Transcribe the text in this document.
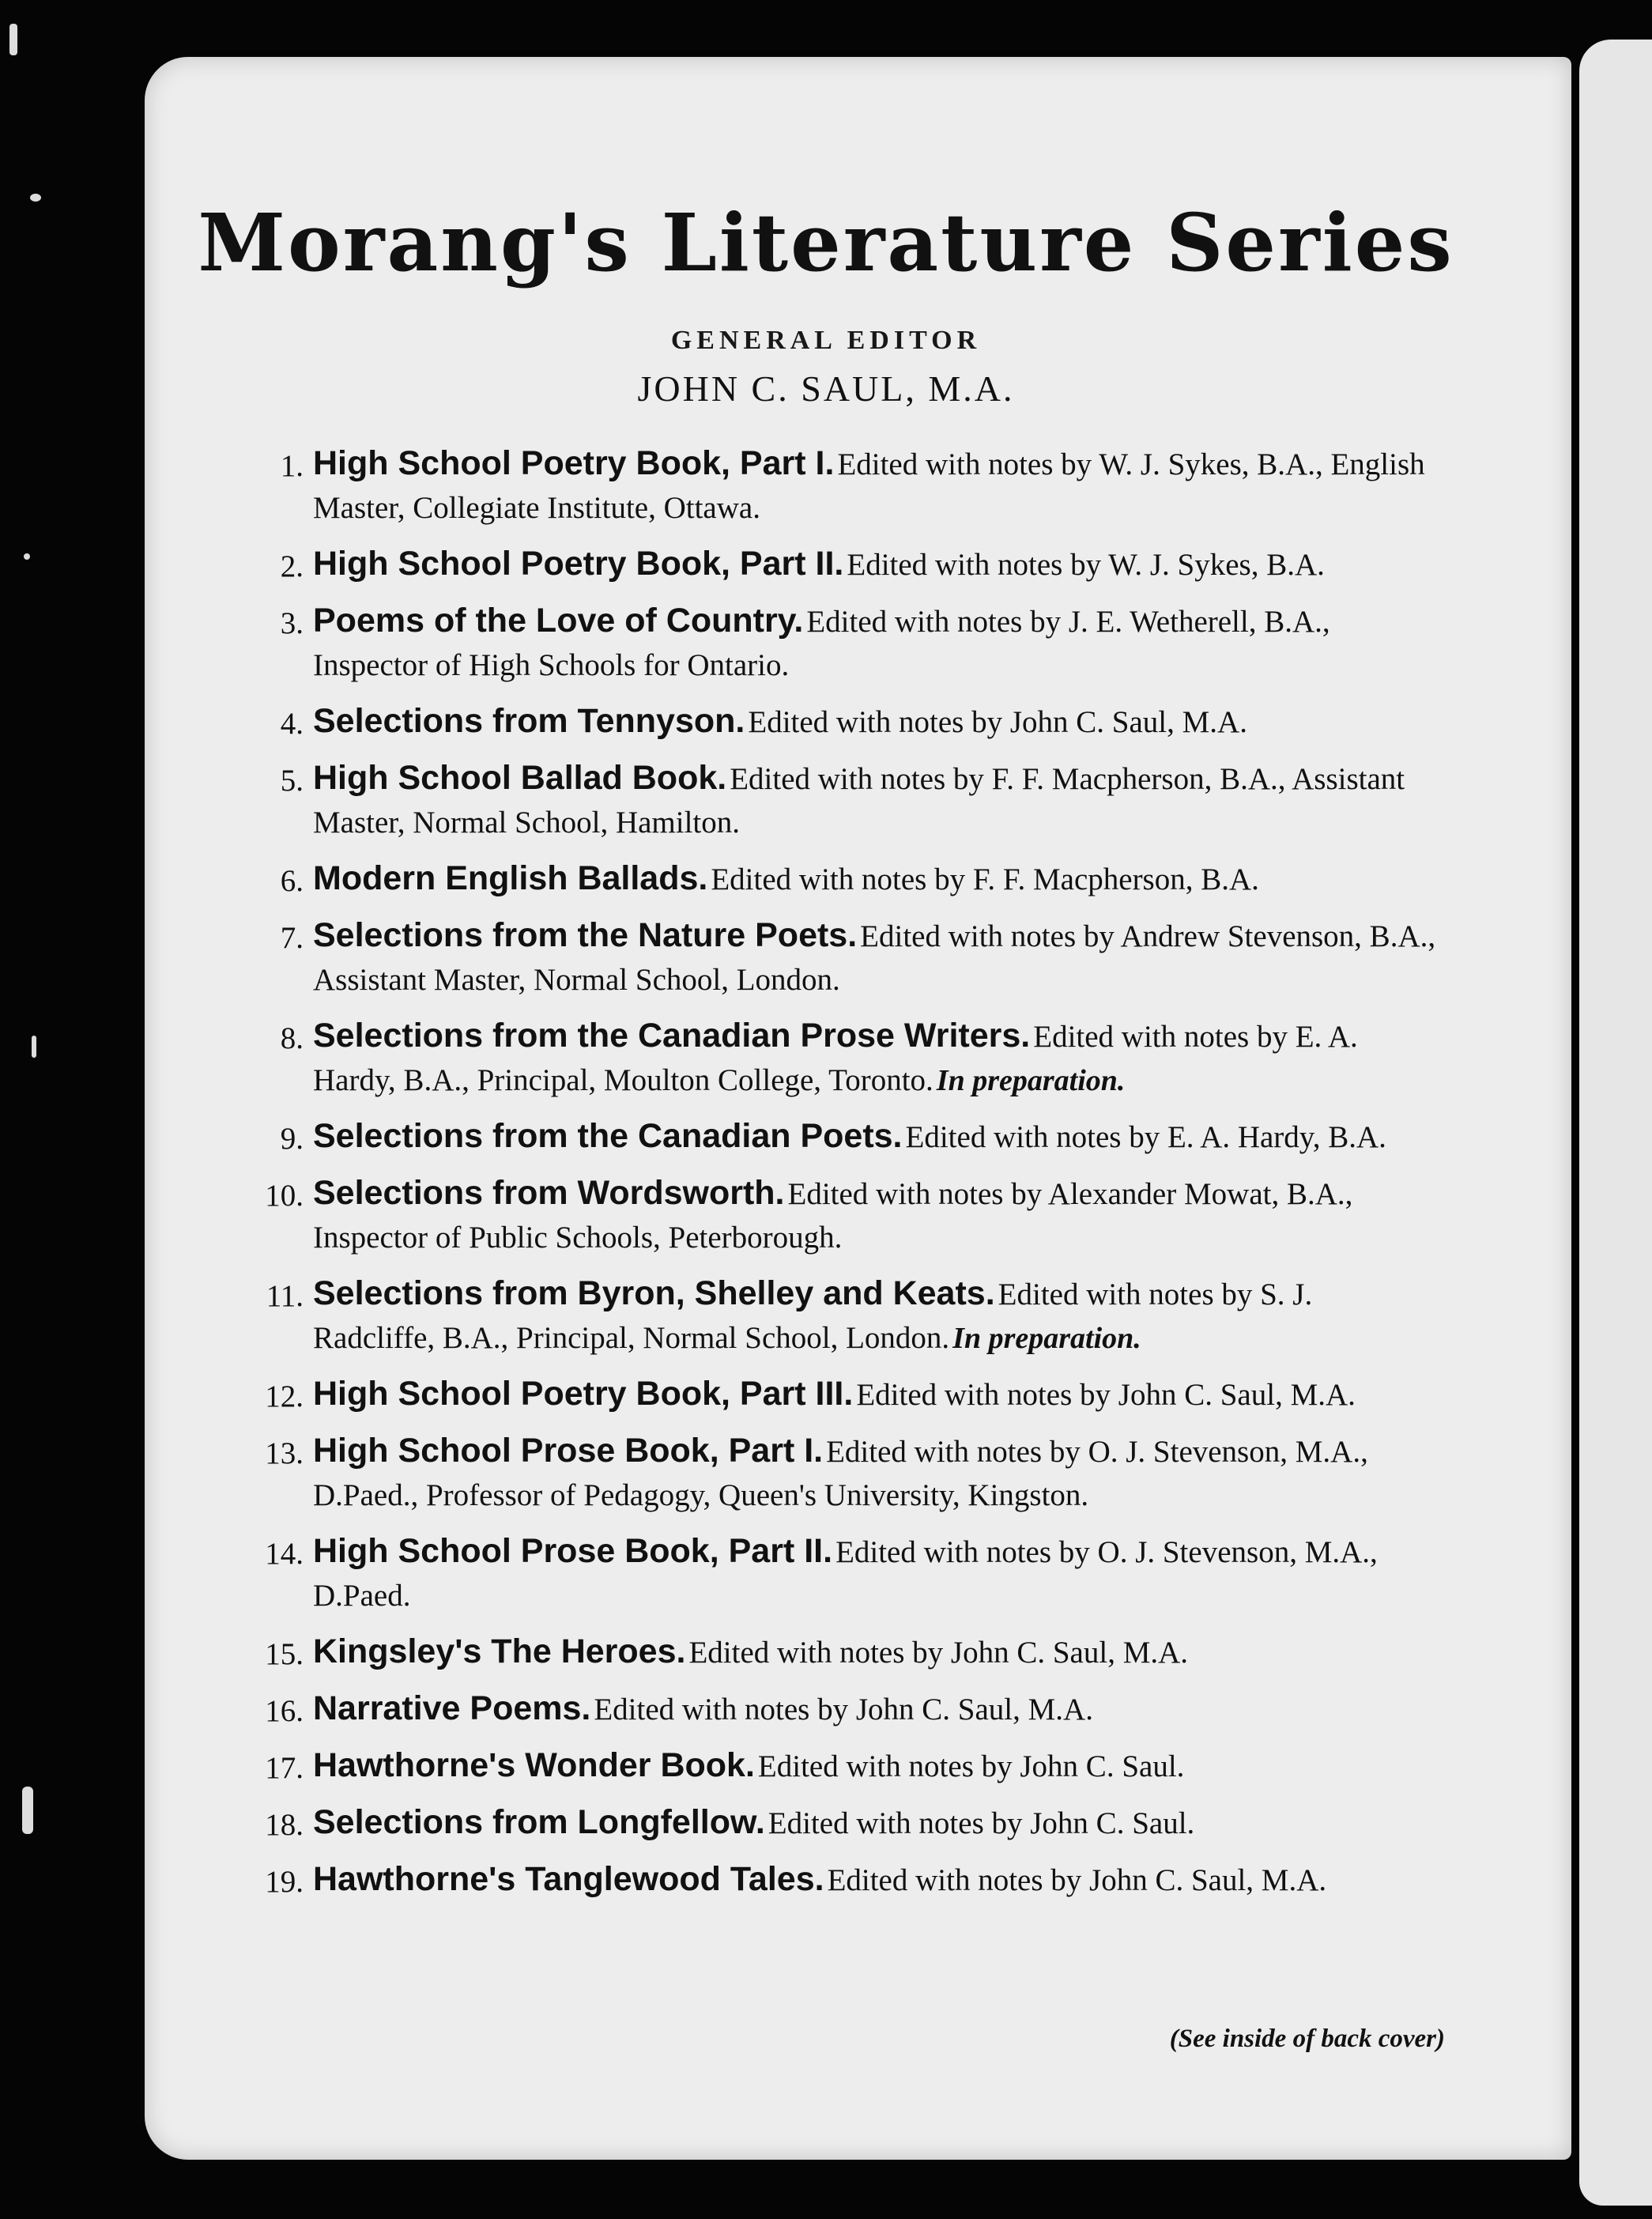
Morang's Literature Series
GENERAL EDITOR
JOHN C. SAUL, M.A.
1. High School Poetry Book, Part I. Edited with notes by W. J. Sykes, B.A., English Master, Collegiate Institute, Ottawa.
2. High School Poetry Book, Part II. Edited with notes by W. J. Sykes, B.A.
3. Poems of the Love of Country. Edited with notes by J. E. Wetherell, B.A., Inspector of High Schools for Ontario.
4. Selections from Tennyson. Edited with notes by John C. Saul, M.A.
5. High School Ballad Book. Edited with notes by F. F. Macpherson, B.A., Assistant Master, Normal School, Hamilton.
6. Modern English Ballads. Edited with notes by F. F. Macpherson, B.A.
7. Selections from the Nature Poets. Edited with notes by Andrew Stevenson, B.A., Assistant Master, Normal School, London.
8. Selections from the Canadian Prose Writers. Edited with notes by E. A. Hardy, B.A., Principal, Moulton College, Toronto. In preparation.
9. Selections from the Canadian Poets. Edited with notes by E. A. Hardy, B.A.
10. Selections from Wordsworth. Edited with notes by Alexander Mowat, B.A., Inspector of Public Schools, Peterborough.
11. Selections from Byron, Shelley and Keats. Edited with notes by S. J. Radcliffe, B.A., Principal, Normal School, London. In preparation.
12. High School Poetry Book, Part III. Edited with notes by John C. Saul, M.A.
13. High School Prose Book, Part I. Edited with notes by O. J. Stevenson, M.A., D.Paed., Professor of Pedagogy, Queen's University, Kingston.
14. High School Prose Book, Part II. Edited with notes by O. J. Stevenson, M.A., D.Paed.
15. Kingsley's The Heroes. Edited with notes by John C. Saul, M.A.
16. Narrative Poems. Edited with notes by John C. Saul, M.A.
17. Hawthorne's Wonder Book. Edited with notes by John C. Saul.
18. Selections from Longfellow. Edited with notes by John C. Saul.
19. Hawthorne's Tanglewood Tales. Edited with notes by John C. Saul, M.A.
(See inside of back cover)
